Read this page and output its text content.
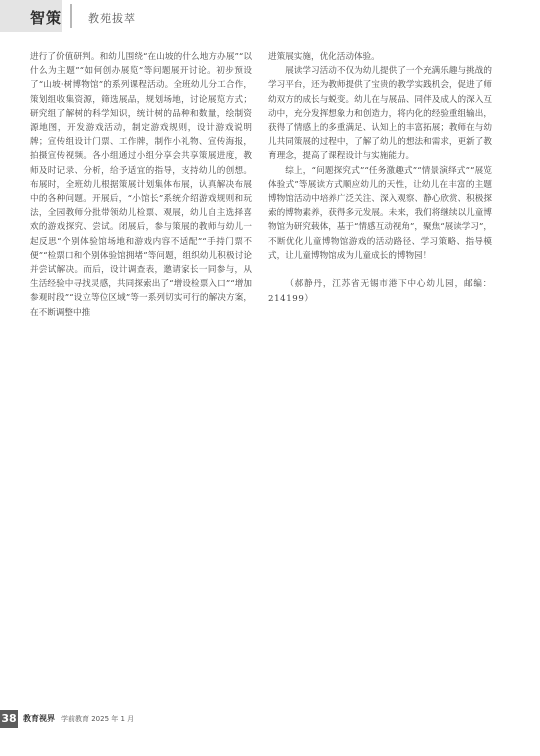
智策 教苑拔萃

进行了价值研判。和幼儿围绕“在山坡的什么地方办展”“以什么为主题”“如何创办展览”等问题展开讨论。初步预设了“山坡·树博物馆”的系列课程活动。全班幼儿分工合作，策划组收集资源，筛选展品，规划场地，讨论展览方式；研究组了解树的科学知识，统计树的品种和数量，绘制资源地图，开发游戏活动，制定游戏规则，设计游戏说明牌；宣传组设计门票、工作牌，制作小礼物、宣传海报，拍摄宣传视频。各小组通过小组分享会共享策展进度，教师及时记录、分析，给予适宜的指导，支持幼儿的创想。布展时，全班幼儿根据策展计划集体布展，认真解决布展中的各种问题。开展后，“小馆长”系统介绍游戏规则和玩法，全园教师分批带领幼儿检票、观展，幼儿自主选择喜欢的游戏探究、尝试。闭展后，参与策展的教师与幼儿一起反思“个别体验馆场地和游戏内容不适配”“手持门票不便”“检票口和个别体验馆拥堵”等问题，组织幼儿积极讨论并尝试解决。而后，设计调查表，邀请家长一同参与，从生活经验中寻找灵感，共同探索出了“增设检票入口”“增加参观时段”“设立等位区域”等一系列切实可行的解决方案，在不断调整中推

进策展实施，优化活动体验。

展读学习活动不仅为幼儿提供了一个充满乐趣与挑战的学习平台，还为教师提供了宝贵的教学实践机会，促进了师幼双方的成长与蜕变。幼儿在与展品、同伴及成人的深入互动中，充分发挥想象力和创造力，将内化的经验重组输出，获得了情感上的多重满足、认知上的丰富拓展；教师在与幼儿共同策展的过程中，了解了幼儿的想法和需求，更新了教育理念，提高了课程设计与实施能力。

综上，“问题探究式”“任务激趣式”“情景演绎式”“展览体验式”等展读方式顺应幼儿的天性，让幼儿在丰富的主题博物馆活动中培养广泛关注、深入观察、静心欣赏、积极探索的博物素养，获得多元发展。未来，我们将继续以儿童博物馆为研究载体，基于“情感互动视角”，聚焦“展读学习”，不断优化儿童博物馆游戏的活动路径、学习策略、指导模式，让儿童博物馆成为儿童成长的博物园！

（郝静丹，江苏省无锡市港下中心幼儿园，邮编：214199）

38 教育视界 学前教育 2025 年 1 月
